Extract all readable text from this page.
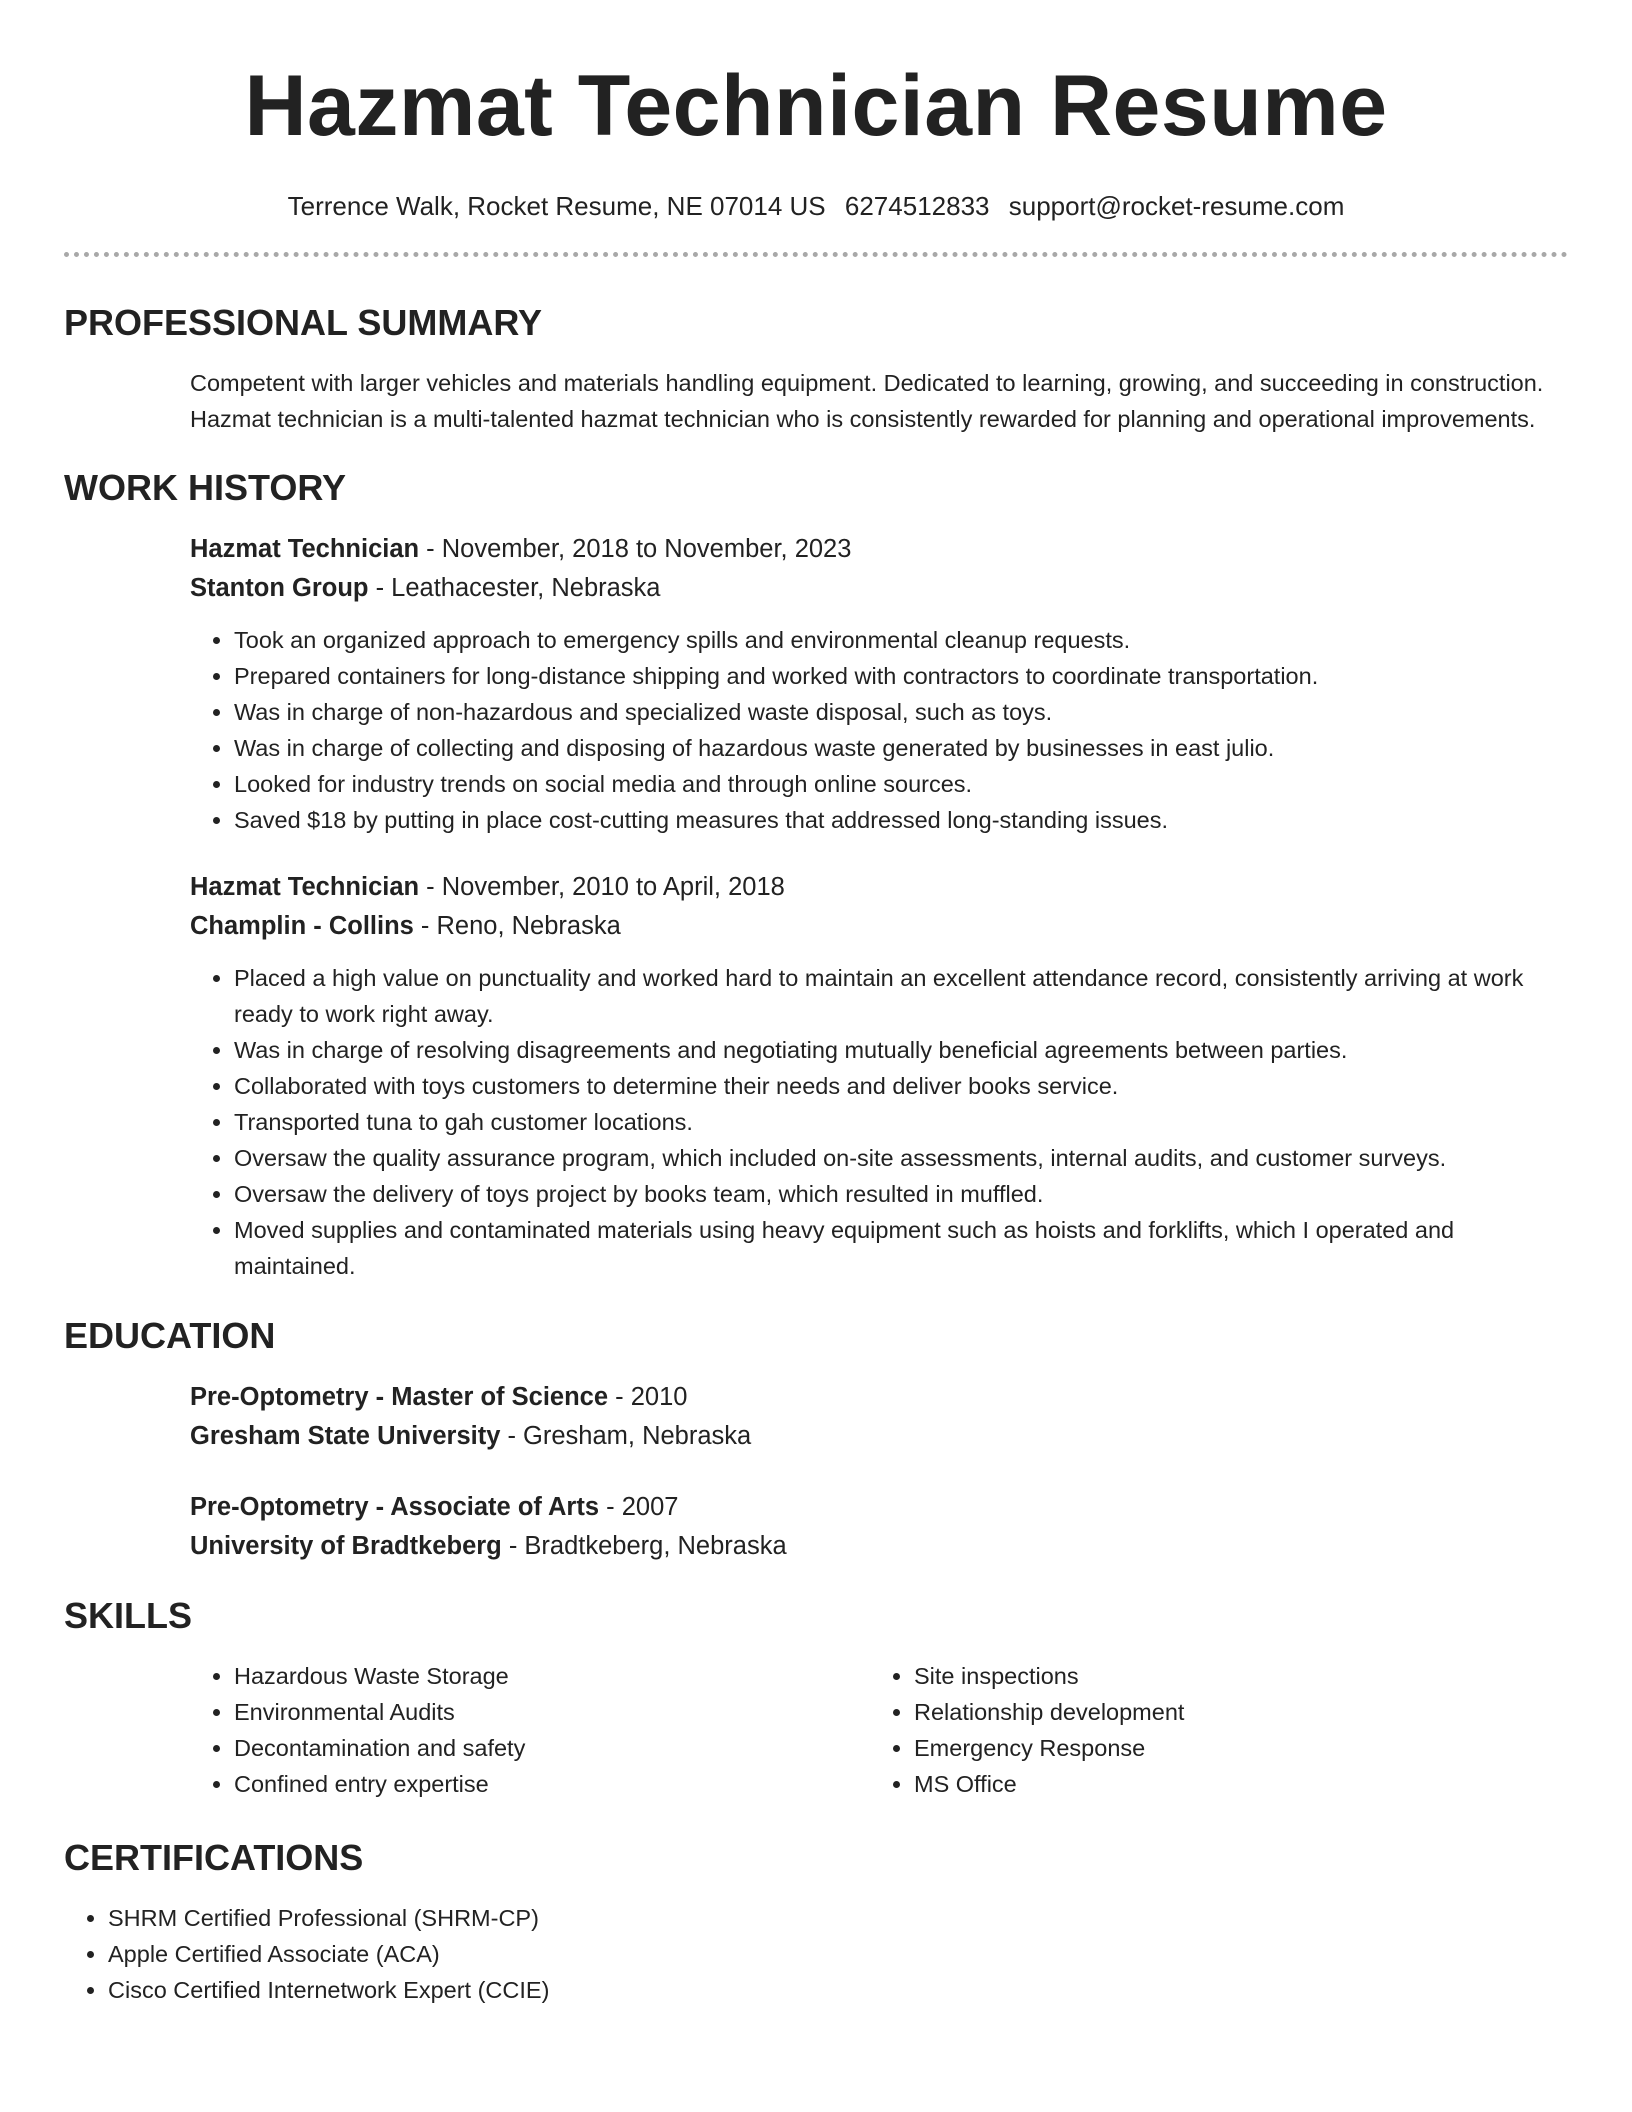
Hazmat Technician Resume
Terrence Walk, Rocket Resume, NE 07014 US 6274512833 support@rocket-resume.com
PROFESSIONAL SUMMARY

Competent with larger vehicles and materials handling equipment. Dedicated to learning, growing, and succeeding in construction. Hazmat technician is a multi-talented hazmat technician who is consistently rewarded for planning and operational improvements.

WORK HISTORY
Hazmat Technician - November, 2018 to November, 2023
Stanton Group - Leathacester, Nebraska
• Took an organized approach to emergency spills and environmental cleanup requests.
• Prepared containers for long-distance shipping and worked with contractors to coordinate transportation.
• Was in charge of non-hazardous and specialized waste disposal, such as toys.
• Was in charge of collecting and disposing of hazardous waste generated by businesses in east julio.
• Looked for industry trends on social media and through online sources.
• Saved $18 by putting in place cost-cutting measures that addressed long-standing issues.
Hazmat Technician - November, 2010 to April, 2018
Champlin - Collins - Reno, Nebraska
• Placed a high value on punctuality and worked hard to maintain an excellent attendance record, consistently arriving at work ready to work right away.
• Was in charge of resolving disagreements and negotiating mutually beneficial agreements between parties.
• Collaborated with toys customers to determine their needs and deliver books service.
• Transported tuna to gah customer locations.
• Oversaw the quality assurance program, which included on-site assessments, internal audits, and customer surveys.
• Oversaw the delivery of toys project by books team, which resulted in muffled.
• Moved supplies and contaminated materials using heavy equipment such as hoists and forklifts, which I operated and maintained.
EDUCATION
Pre-Optometry - Master of Science - 2010
Gresham State University - Gresham, Nebraska
Pre-Optometry - Associate of Arts - 2007
University of Bradtkeberg - Bradtkeberg, Nebraska
SKILLS
• Hazardous Waste Storage
• Environmental Audits
• Decontamination and safety
• Confined entry expertise
• Site inspections
• Relationship development
• Emergency Response
• MS Office
CERTIFICATIONS
• SHRM Certified Professional (SHRM-CP)
• Apple Certified Associate (ACA)
• Cisco Certified Internetwork Expert (CCIE)
